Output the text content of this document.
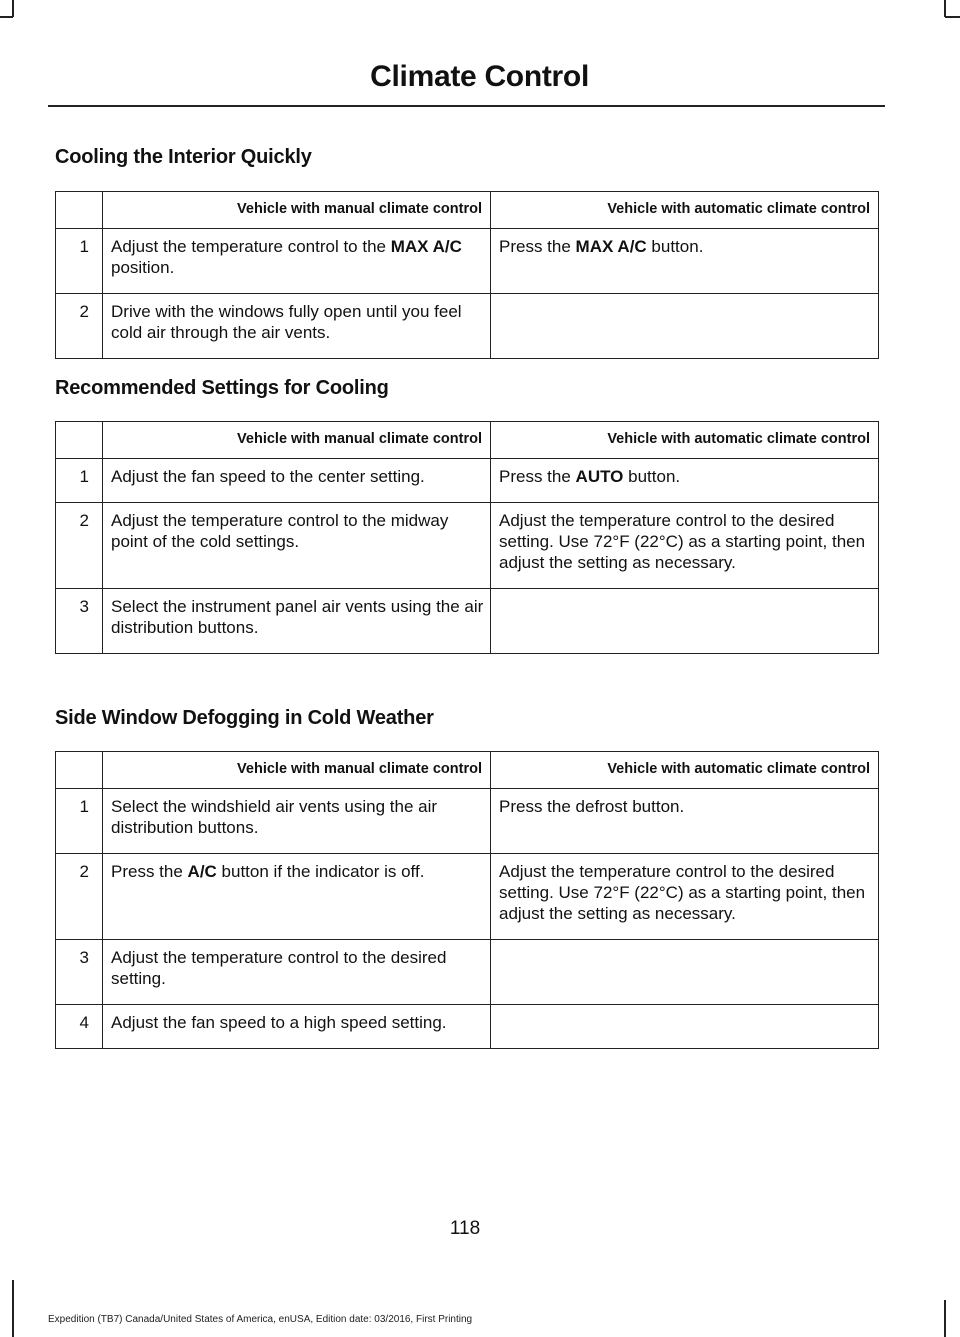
Climate Control
Cooling the Interior Quickly
	Vehicle with manual climate control	Vehicle with automatic climate control
1	Adjust the temperature control to the MAX A/C position.	Press the MAX A/C button.
2	Drive with the windows fully open until you feel cold air through the air vents.	
Recommended Settings for Cooling
	Vehicle with manual climate control	Vehicle with automatic climate control
1	Adjust the fan speed to the center setting.	Press the AUTO button.
2	Adjust the temperature control to the midway point of the cold settings.	Adjust the temperature control to the desired setting. Use 72°F (22°C) as a starting point, then adjust the setting as necessary.
3	Select the instrument panel air vents using the air distribution buttons.	
Side Window Defogging in Cold Weather
	Vehicle with manual climate control	Vehicle with automatic climate control
1	Select the windshield air vents using the air distribution buttons.	Press the defrost button.
2	Press the A/C button if the indicator is off.	Adjust the temperature control to the desired setting. Use 72°F (22°C) as a starting point, then adjust the setting as necessary.
3	Adjust the temperature control to the desired setting.	
4	Adjust the fan speed to a high speed setting.	
118
Expedition (TB7) Canada/United States of America, enUSA, Edition date: 03/2016, First Printing
